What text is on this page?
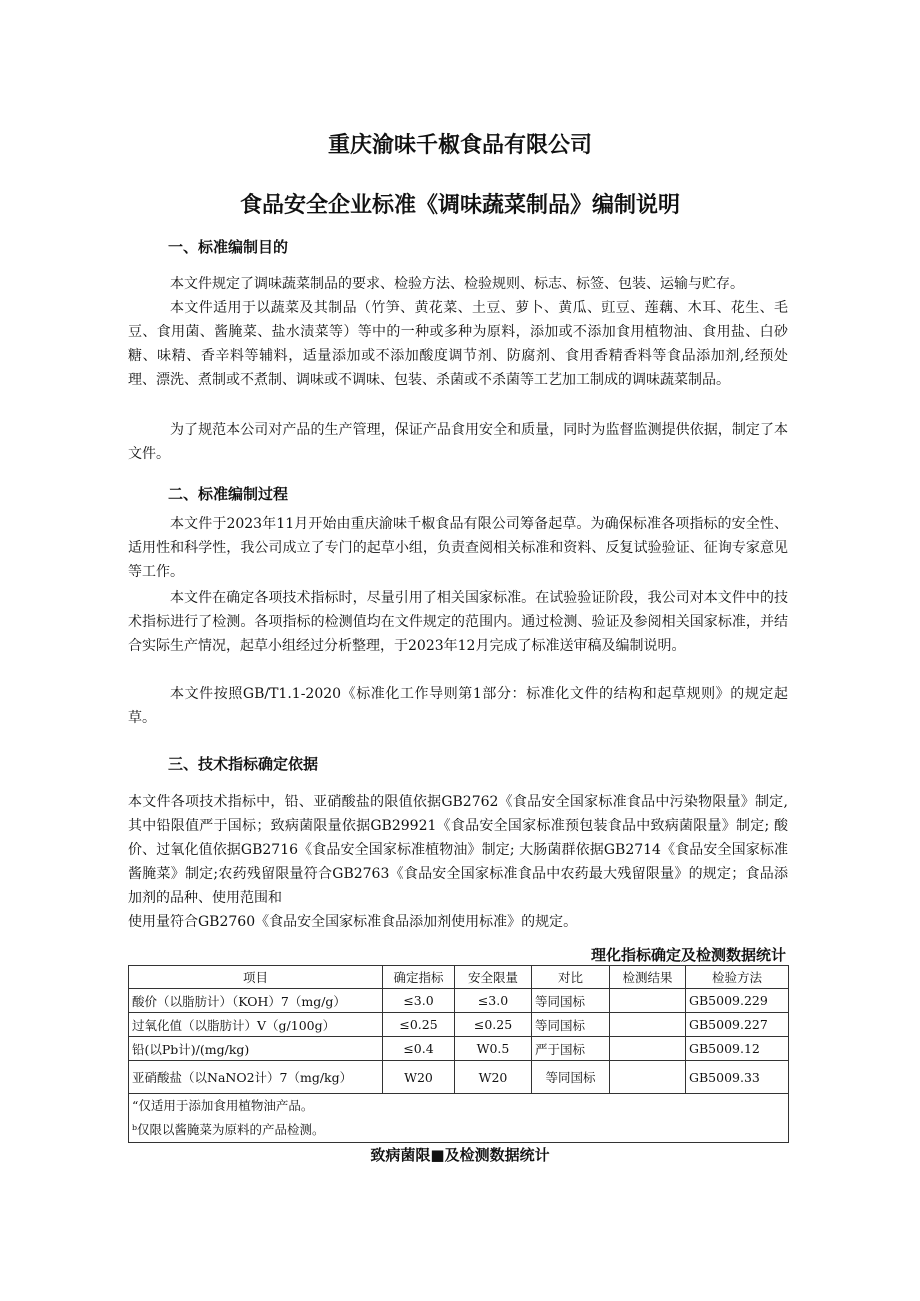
重庆渝味千椒食品有限公司
食品安全企业标准《调味蔬菜制品》编制说明
一、标准编制目的
本文件规定了调味蔬菜制品的要求、检验方法、检验规则、标志、标签、包装、运输与贮存。
本文件适用于以蔬菜及其制品（竹笋、黄花菜、土豆、萝卜、黄瓜、豇豆、莲藕、木耳、花生、毛豆、食用菌、酱腌菜、盐水渍菜等）等中的一种或多种为原料，添加或不添加食用植物油、食用盐、白砂糖、味精、香辛料等辅料，适量添加或不添加酸度调节剂、防腐剂、食用香精香料等食品添加剂,经预处理、漂洗、煮制或不煮制、调味或不调味、包装、杀菌或不杀菌等工艺加工制成的调味蔬菜制品。
为了规范本公司对产品的生产管理，保证产品食用安全和质量，同时为监督监测提供依据，制定了本文件。
二、标准编制过程
本文件于2023年11月开始由重庆渝味千椒食品有限公司筹备起草。为确保标准各项指标的安全性、适用性和科学性，我公司成立了专门的起草小组，负责查阅相关标准和资料、反复试验验证、征询专家意见等工作。
本文件在确定各项技术指标时，尽量引用了相关国家标准。在试验验证阶段，我公司对本文件中的技术指标进行了检测。各项指标的检测值均在文件规定的范围内。通过检测、验证及参阅相关国家标准，并结合实际生产情况，起草小组经过分析整理，于2023年12月完成了标准送审稿及编制说明。
本文件按照GB/T1.1-2020《标准化工作导则第1部分：标准化文件的结构和起草规则》的规定起草。
三、技术指标确定依据
本文件各项技术指标中，铅、亚硝酸盐的限值依据GB2762《食品安全国家标准食品中污染物限量》制定,其中铅限值严于国标；致病菌限量依据GB29921《食品安全国家标准预包装食品中致病菌限量》制定; 酸价、过氧化值依据GB2716《食品安全国家标准植物油》制定; 大肠菌群依据GB2714《食品安全国家标准酱腌菜》制定;农药残留限量符合GB2763《食品安全国家标准食品中农药最大残留限量》的规定；食品添加剂的品种、使用范围和
使用量符合GB2760《食品安全国家标准食品添加剂使用标准》的规定。
理化指标确定及检测数据统计
项目	确定指标	安全限量	对比	检测结果	检验方法
酸价（以脂肪计）（KOH）7（mg/g）	≤3.0	≤3.0	等同国标		GB5009.229
过氧化值（以脂肪计）V（g/100g）	≤0.25	≤0.25	等同国标		GB5009.227
铅(以Pb计)/(mg/kg)	≤0.4	W0.5	严于国标		GB5009.12
亚硝酸盐（以NaNO2计）7（mg/kg）	W20	W20	等同国标		GB5009.33
“仅适用于添加食用植物油产品。					
ᵇ仅限以酱腌菜为原料的产品检测。					
致病菌限■及检测数据统计
